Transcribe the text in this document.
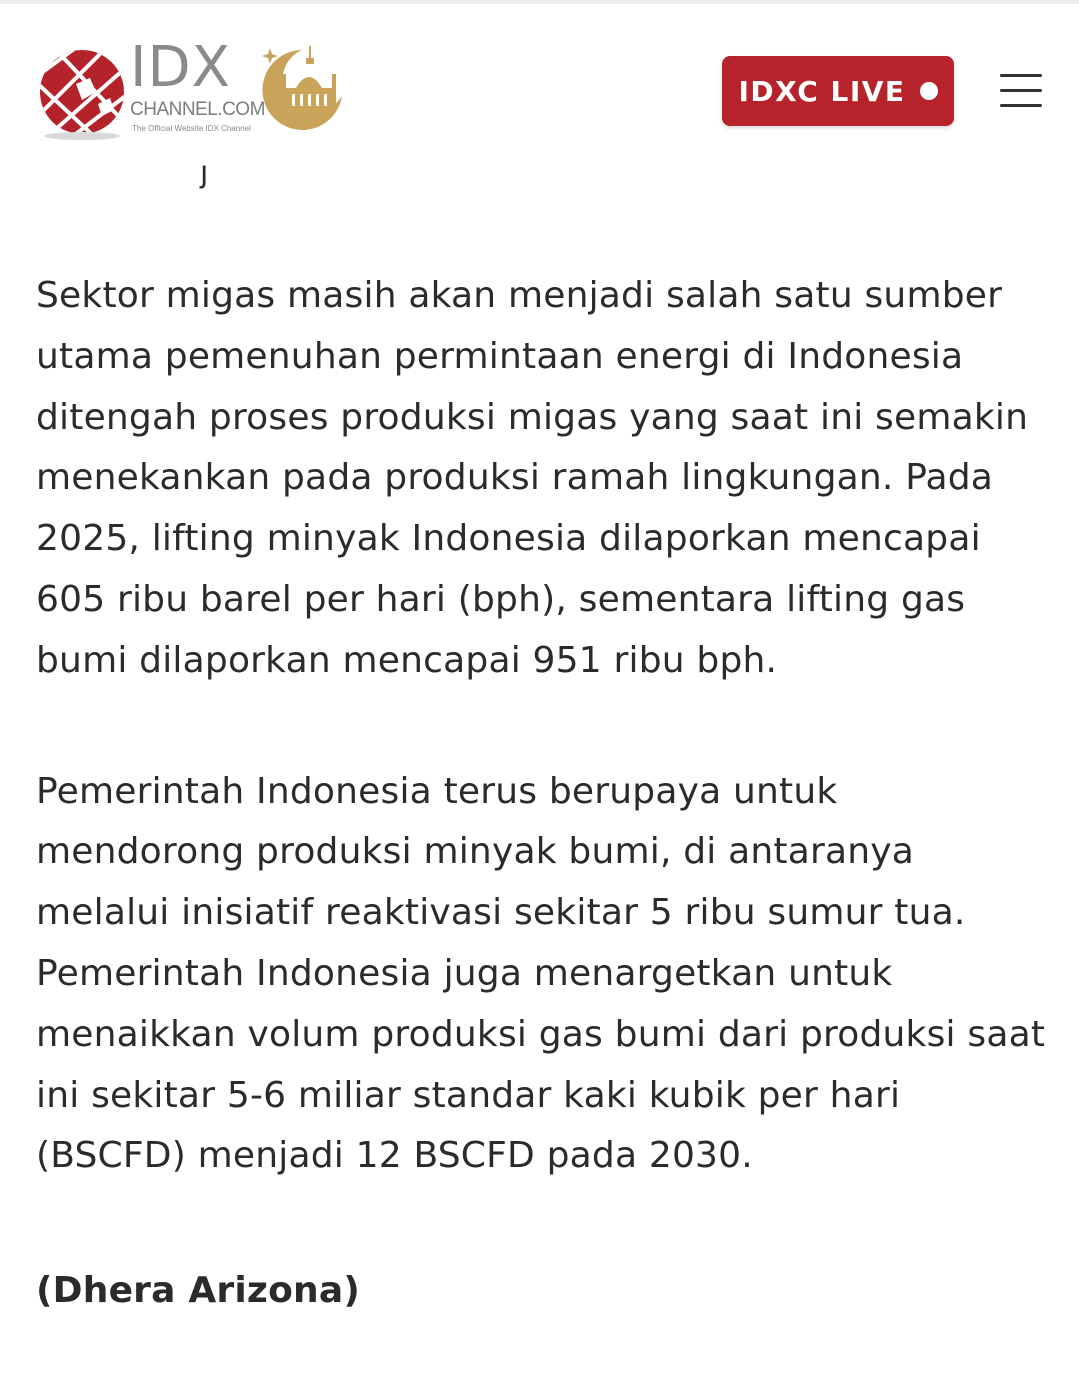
IDX
CHANNEL.COM
The Official Website IDX Channel
IDXC LIVE
ȷ

Sektor migas masih akan menjadi salah satu sumber utama pemenuhan permintaan energi di Indonesia ditengah proses produksi migas yang saat ini semakin menekankan pada produksi ramah lingkungan. Pada 2025, lifting minyak Indonesia dilaporkan mencapai 605 ribu barel per hari (bph), sementara lifting gas bumi dilaporkan mencapai 951 ribu bph.

Pemerintah Indonesia terus berupaya untuk mendorong produksi minyak bumi, di antaranya melalui inisiatif reaktivasi sekitar 5 ribu sumur tua. Pemerintah Indonesia juga menargetkan untuk menaikkan volum produksi gas bumi dari produksi saat ini sekitar 5-6 miliar standar kaki kubik per hari (BSCFD) menjadi 12 BSCFD pada 2030.

(Dhera Arizona)
